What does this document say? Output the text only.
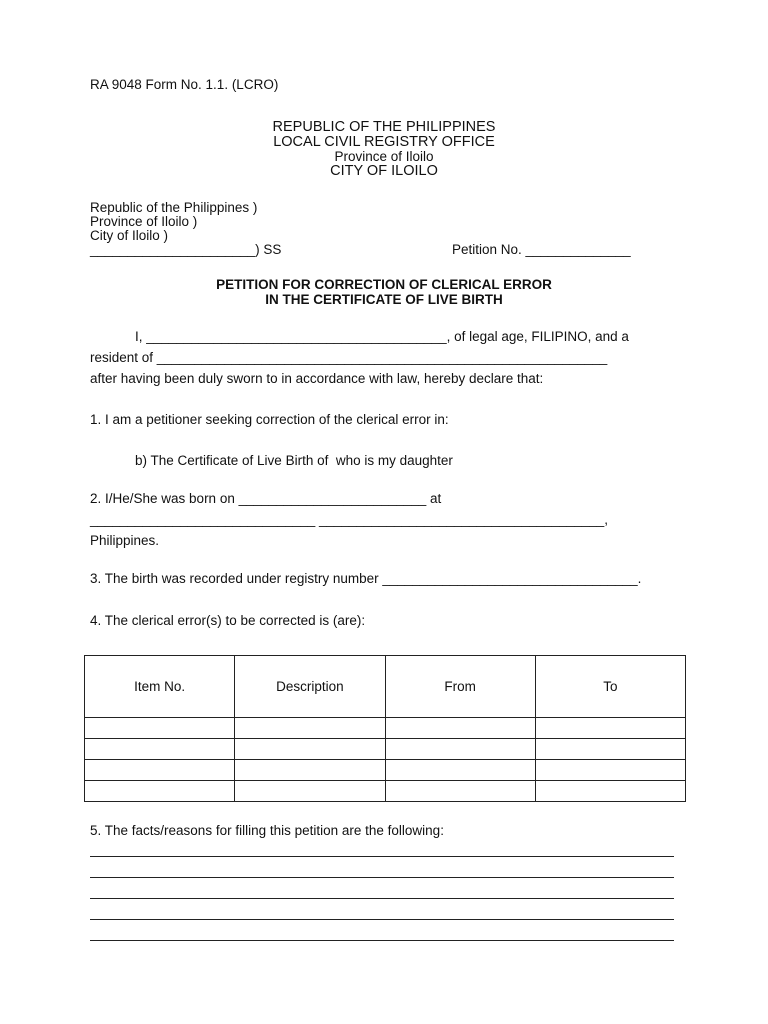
RA 9048 Form No. 1.1. (LCRO)
REPUBLIC OF THE PHILIPPINES
LOCAL CIVIL REGISTRY OFFICE
Province of Iloilo
CITY OF ILOILO
Republic of the Philippines )
Province of Iloilo )
City of Iloilo )
______________________) SS	Petition No. ______________
PETITION FOR CORRECTION OF CLERICAL ERROR
IN THE CERTIFICATE OF LIVE BIRTH
I, ________________________________________, of legal age, FILIPINO, and a
resident of ____________________________________________________________
after having been duly sworn to in accordance with law, hereby declare that:
1. I am a petitioner seeking correction of the clerical error in:
b) The Certificate of Live Birth of  who is my daughter
2. I/He/She was born on _________________________ at
______________________________ ______________________________________,
Philippines.
3. The birth was recorded under registry number __________________________________.
4. The clerical error(s) to be corrected is (are):
Item No.	Description	From	To

5. The facts/reasons for filling this petition are the following:
